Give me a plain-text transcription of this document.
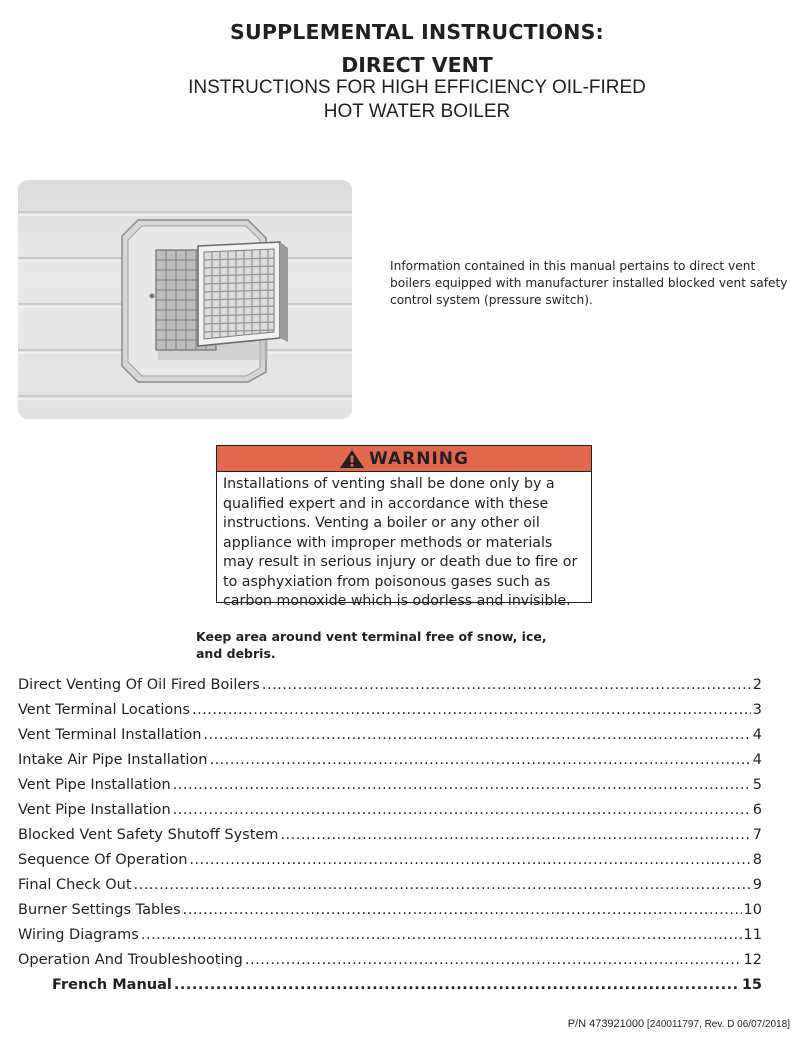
SUPPLEMENTAL INSTRUCTIONS:
DIRECT VENT
INSTRUCTIONS FOR HIGH EFFICIENCY OIL-FIRED
HOT WATER BOILER
Information contained in this manual pertains to direct vent boilers equipped with manufacturer installed blocked vent safety control system (pressure switch).
WARNING
Installations of venting shall be done only by a qualified expert and in accordance with these instructions. Venting a boiler or any other oil appliance with improper methods or materials may result in serious injury or death due to fire or to asphyxiation from poisonous gases such as carbon monoxide which is odorless and invisible.
Keep area around vent terminal free of snow, ice, and debris.
Direct Venting Of Oil Fired Boilers .....	2
Vent Terminal Locations .....	3
Vent Terminal Installation .....	4
Intake Air Pipe Installation .....	4
Vent Pipe Installation .....	5
Vent Pipe Installation .....	6
Blocked Vent Safety Shutoff System .....	7
Sequence Of Operation .....	8
Final Check Out .....	9
Burner Settings Tables .....	10
Wiring Diagrams .....	11
Operation And Troubleshooting .....	12
French Manual .....	15
P/N 473921000 [240011797, Rev. D 06/07/2018]
